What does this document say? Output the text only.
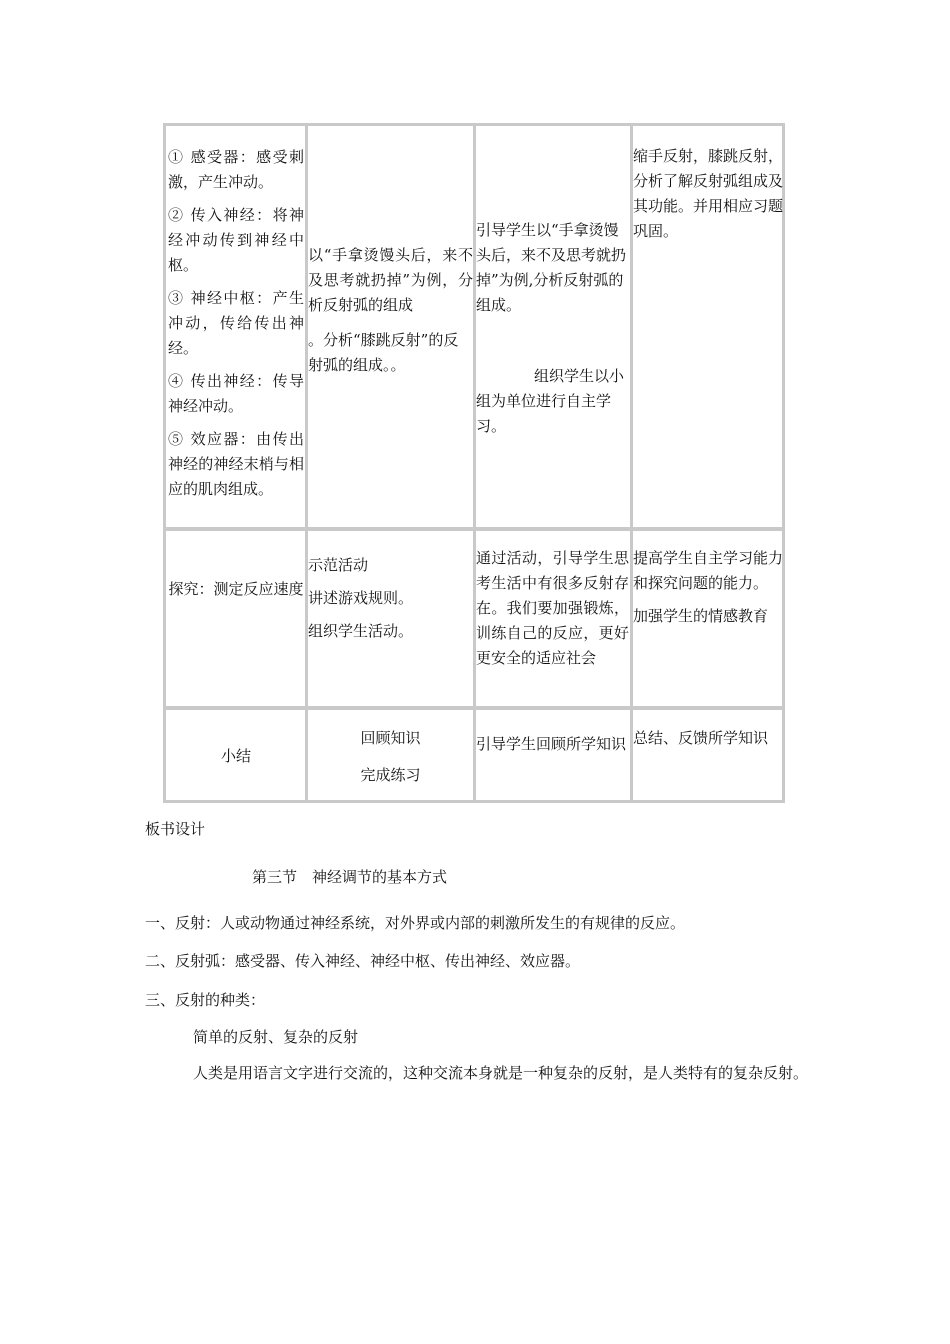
① 感受器：感受刺激，产生冲动。

② 传入神经：将神经冲动传到神经中枢。

③ 神经中枢：产生冲动，传给传出神经。

④ 传出神经：传导神经冲动。

⑤ 效应器：由传出神经的神经末梢与相应的肌肉组成。

以“手拿烫馒头后，来不及思考就扔掉”为例，分析反射弧的组成

。分析“膝跳反射”的反射弧的组成。。

引导学生以“手拿烫馒头后，来不及思考就扔掉”为例,分析反射弧的组成。

组织学生以小组为单位进行自主学习。

缩手反射，膝跳反射，分析了解反射弧组成及其功能。并用相应习题巩固。

探究：测定反应速度

示范活动

讲述游戏规则。

组织学生活动。

通过活动，引导学生思考生活中有很多反射存在。我们要加强锻炼，训练自己的反应，更好更安全的适应社会

提高学生自主学习能力和探究问题的能力。

加强学生的情感教育

小结

回顾知识

完成练习

引导学生回顾所学知识 总结、反馈所学知识

板书设计
第三节　神经调节的基本方式
一、反射：人或动物通过神经系统，对外界或内部的刺激所发生的有规律的反应。
二、反射弧：感受器、传入神经、神经中枢、传出神经、效应器。
三、反射的种类：
简单的反射、复杂的反射
人类是用语言文字进行交流的，这种交流本身就是一种复杂的反射，是人类特有的复杂反射。
